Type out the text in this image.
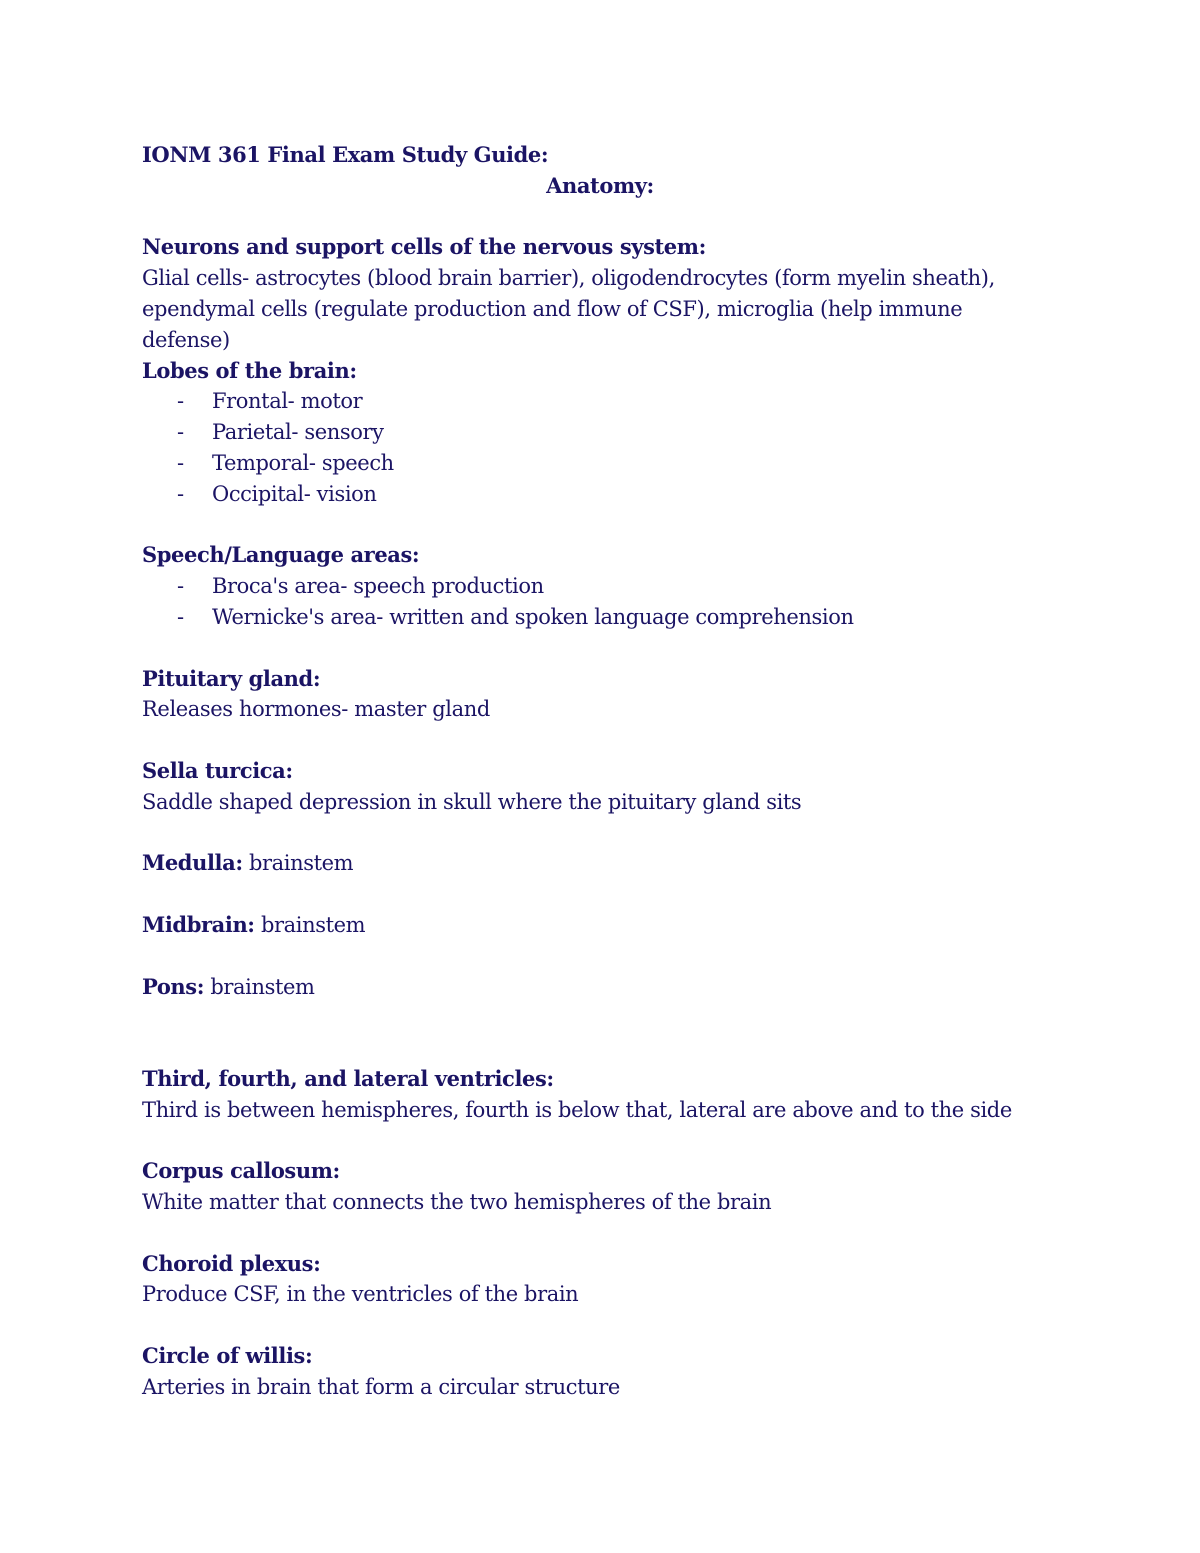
IONM 361 Final Exam Study Guide:

Anatomy:

Neurons and support cells of the nervous system:

Glial cells- astrocytes (blood brain barrier), oligodendrocytes (form myelin sheath),

ependymal cells (regulate production and flow of CSF), microglia (help immune

defense)

Lobes of the brain:

- Frontal- motor

- Parietal- sensory

- Temporal- speech

- Occipital- vision

Speech/Language areas:

- Broca's area- speech production

- Wernicke's area- written and spoken language comprehension

Pituitary gland:

Releases hormones- master gland

Sella turcica:

Saddle shaped depression in skull where the pituitary gland sits

Medulla: brainstem

Midbrain: brainstem

Pons: brainstem

Third, fourth, and lateral ventricles:

Third is between hemispheres, fourth is below that, lateral are above and to the side

Corpus callosum:

White matter that connects the two hemispheres of the brain

Choroid plexus:

Produce CSF, in the ventricles of the brain

Circle of willis:

Arteries in brain that form a circular structure
